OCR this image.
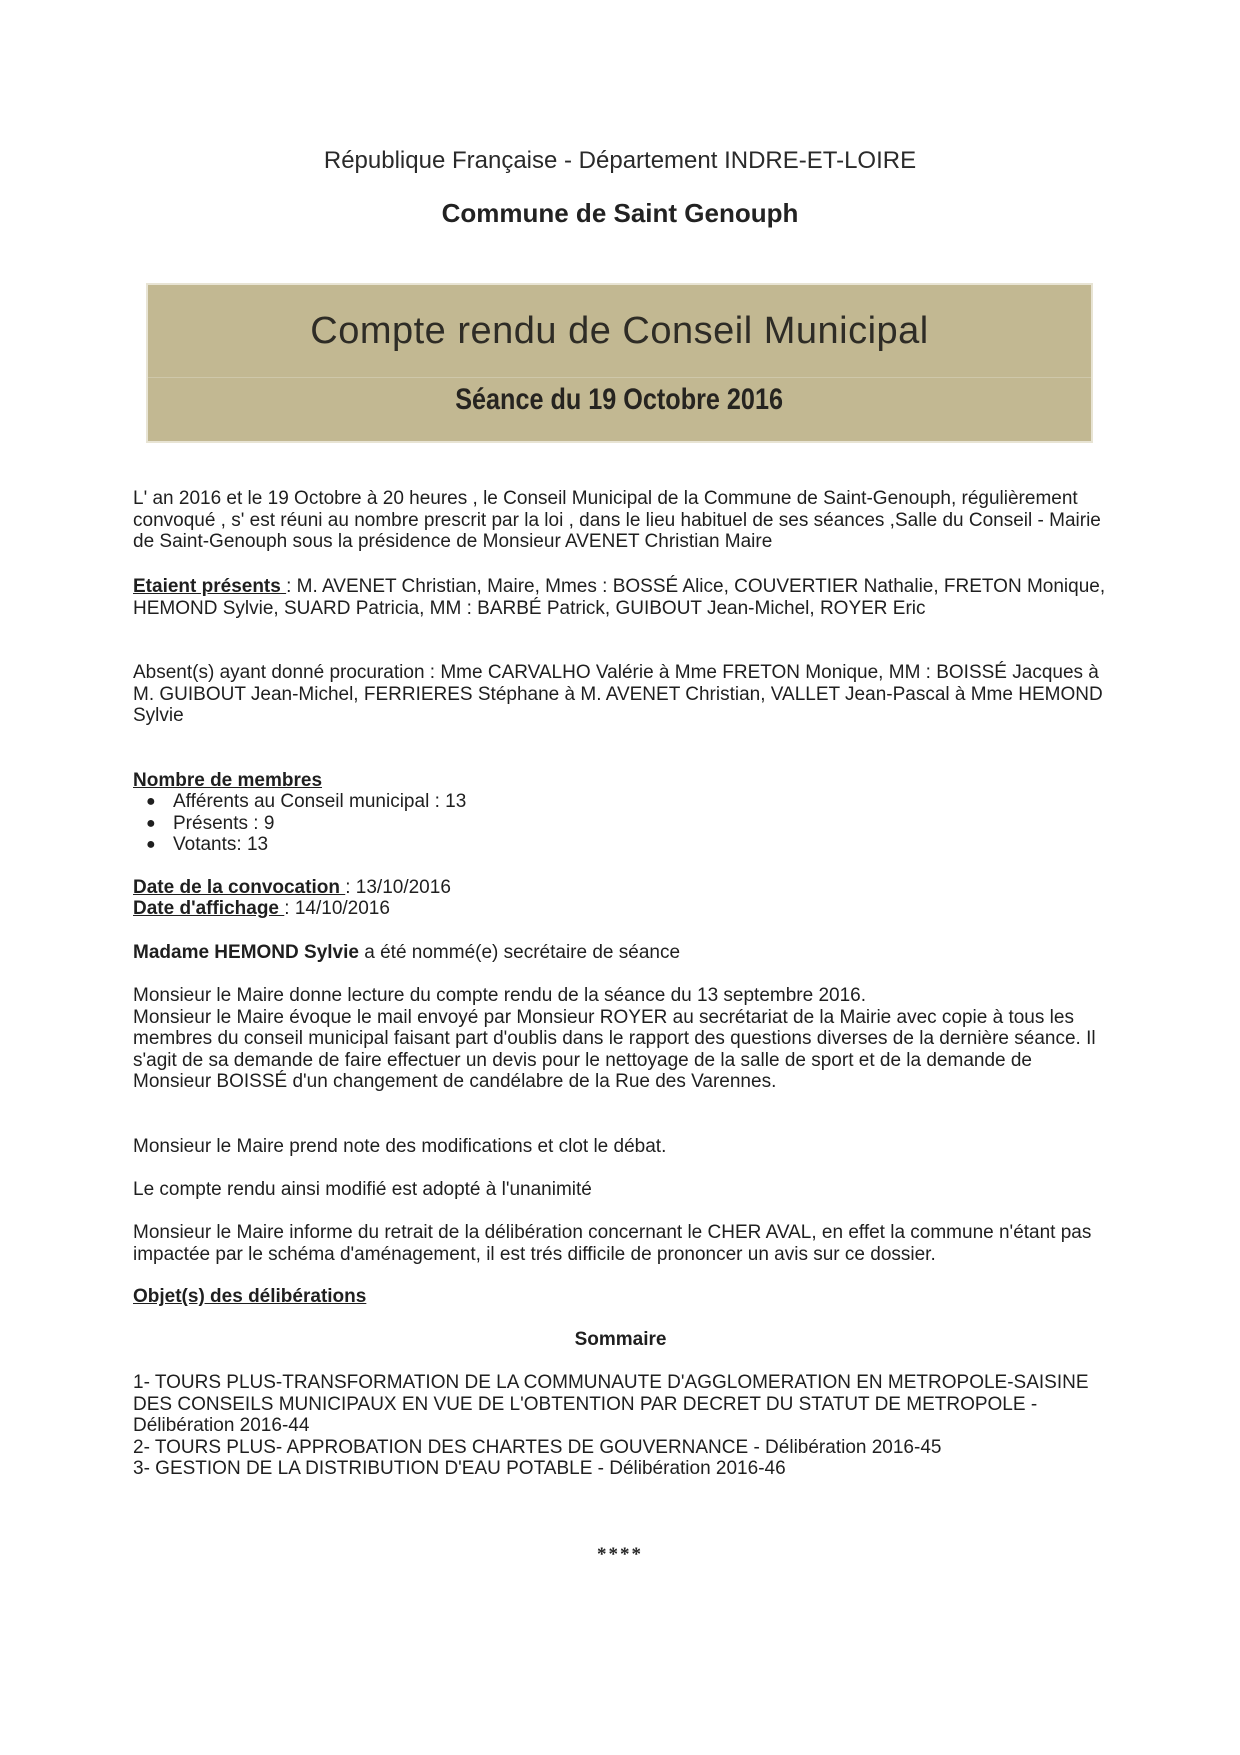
République Française - Département INDRE-ET-LOIRE
Commune de Saint Genouph
Compte rendu de Conseil Municipal
Séance du 19 Octobre 2016
L' an 2016 et le 19 Octobre à 20 heures , le Conseil Municipal de la Commune de Saint-Genouph, régulièrement convoqué , s' est réuni au nombre prescrit par la loi , dans le lieu habituel de ses séances ,Salle du Conseil - Mairie de Saint-Genouph sous la présidence de Monsieur AVENET Christian Maire
Etaient présents : M. AVENET Christian, Maire, Mmes : BOSSÉ Alice, COUVERTIER Nathalie, FRETON Monique, HEMOND Sylvie, SUARD Patricia, MM : BARBÉ Patrick, GUIBOUT Jean-Michel, ROYER Eric
Absent(s) ayant donné procuration : Mme CARVALHO Valérie à Mme FRETON Monique, MM : BOISSÉ Jacques à M. GUIBOUT Jean-Michel, FERRIERES Stéphane à M. AVENET Christian, VALLET Jean-Pascal à Mme HEMOND Sylvie
Nombre de membres
● Afférents au Conseil municipal : 13
● Présents : 9
● Votants: 13
Date de la convocation : 13/10/2016
Date d'affichage : 14/10/2016
Madame HEMOND Sylvie a été nommé(e) secrétaire de séance
Monsieur le Maire donne lecture du compte rendu de la séance du 13 septembre 2016.
Monsieur le Maire évoque le mail envoyé par Monsieur ROYER au secrétariat de la Mairie avec copie à tous les membres du conseil municipal faisant part d'oublis dans le rapport des questions diverses de la dernière séance. Il s'agit de sa demande de faire effectuer un devis pour le nettoyage de la salle de sport et de la demande de Monsieur BOISSÉ d'un changement de candélabre de la Rue des Varennes.
Monsieur le Maire prend note des modifications et clot le débat.
Le compte rendu ainsi modifié est adopté à l'unanimité
Monsieur le Maire informe du retrait de la délibération concernant le CHER AVAL, en effet la commune n'étant pas impactée par le schéma d'aménagement, il est trés difficile de prononcer un avis sur ce dossier.
Objet(s) des délibérations
Sommaire
1- TOURS PLUS-TRANSFORMATION DE LA COMMUNAUTE D'AGGLOMERATION EN METROPOLE-SAISINE DES CONSEILS MUNICIPAUX EN VUE DE L'OBTENTION PAR DECRET DU STATUT DE METROPOLE - Délibération 2016-44
2- TOURS PLUS- APPROBATION DES CHARTES DE GOUVERNANCE - Délibération 2016-45
3- GESTION DE LA DISTRIBUTION D'EAU POTABLE - Délibération 2016-46
****
